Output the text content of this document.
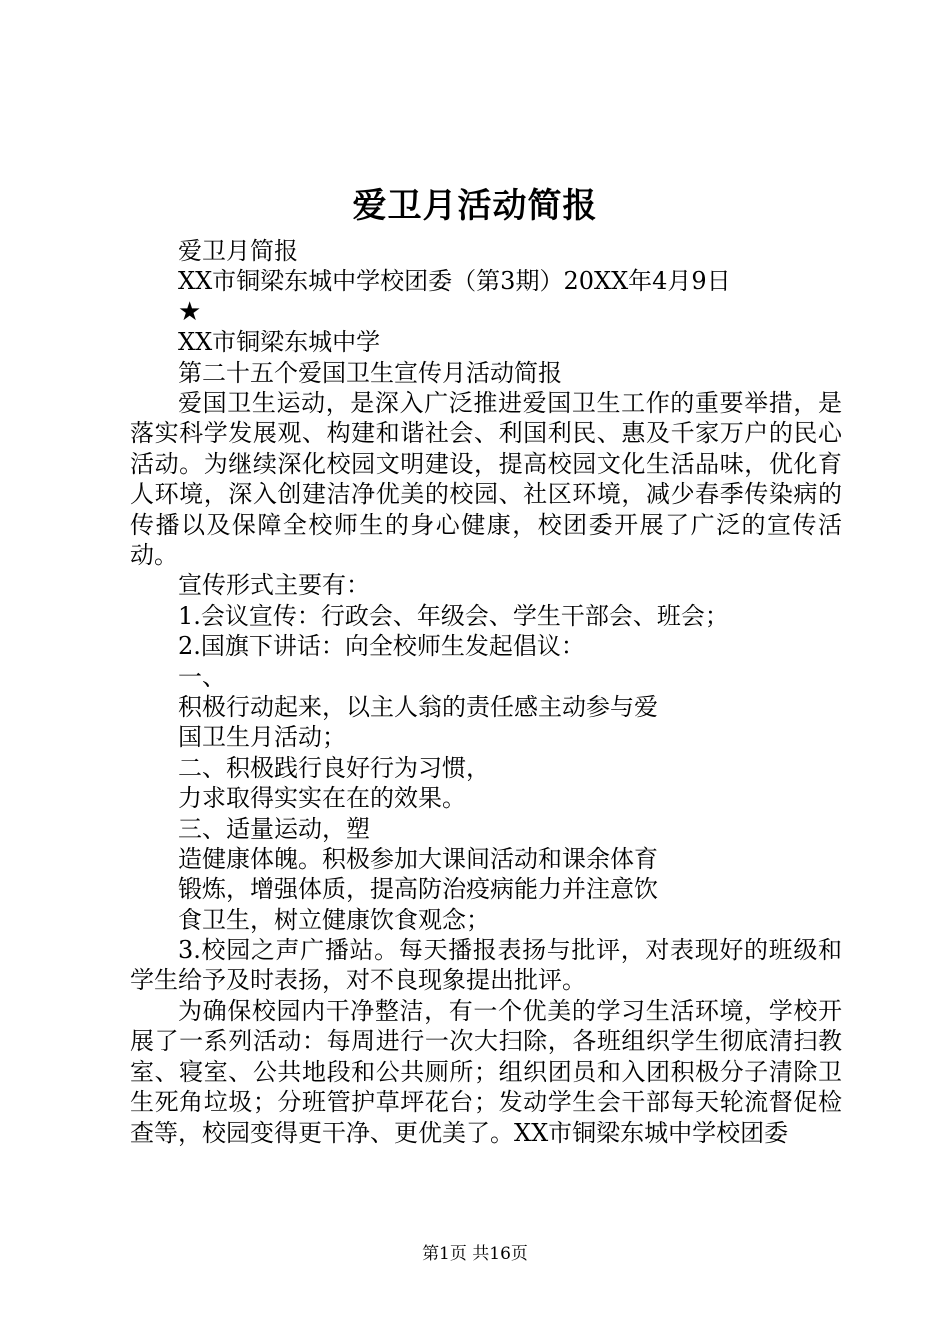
爱卫月活动简报

爱卫月简报

XX市铜梁东城中学校团委（第3期）20XX年4月9日

★

XX市铜梁东城中学

第二十五个爱国卫生宣传月活动简报

爱国卫生运动，是深入广泛推进爱国卫生工作的重要举措，是落实科学发展观、构建和谐社会、利国利民、惠及千家万户的民心活动。为继续深化校园文明建设，提高校园文化生活品味，优化育人环境，深入创建洁净优美的校园、社区环境，减少春季传染病的传播以及保障全校师生的身心健康，校团委开展了广泛的宣传活动。

宣传形式主要有：

1.会议宣传：行政会、年级会、学生干部会、班会；

2.国旗下讲话：向全校师生发起倡议：

一、

积极行动起来，以主人翁的责任感主动参与爱

国卫生月活动；

二、积极践行良好行为习惯，

力求取得实实在在的效果。

三、适量运动，塑

造健康体魄。积极参加大课间活动和课余体育

锻炼，增强体质，提高防治疫病能力并注意饮

食卫生，树立健康饮食观念；

3.校园之声广播站。每天播报表扬与批评，对表现好的班级和学生给予及时表扬，对不良现象提出批评。

为确保校园内干净整洁，有一个优美的学习生活环境，学校开展了一系列活动：每周进行一次大扫除，各班组织学生彻底清扫教室、寝室、公共地段和公共厕所；组织团员和入团积极分子清除卫生死角垃圾；分班管护草坪花台；发动学生会干部每天轮流督促检查等，校园变得更干净、更优美了。XX市铜梁东城中学校团委

第1页 共16页
